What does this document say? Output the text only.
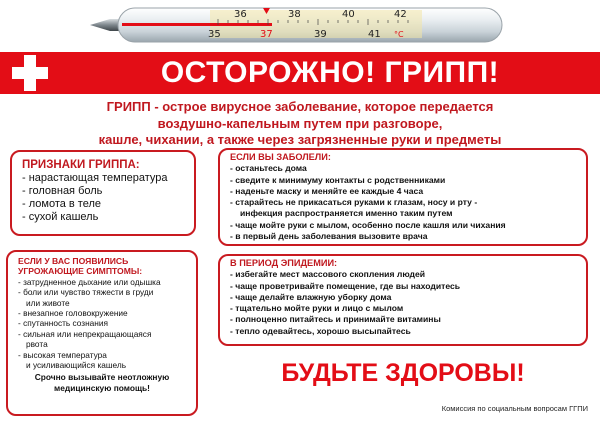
36	38	40	42
35	37	39	41 °C
ОСТОРОЖНО! ГРИПП!
ГРИПП - острое вирусное заболевание, которое передается
воздушно-капельным путем при разговоре,
кашле, чихании, а также через загрязненные руки и предметы
ПРИЗНАКИ ГРИППА:
- нарастающая температура
- головная боль
- ломота в теле
- сухой кашель
ЕСЛИ ВЫ ЗАБОЛЕЛИ:
- останьтесь дома
- сведите к минимуму контакты с родственниками
- наденьте маску и меняйте ее каждые 4 часа
- старайтесь не прикасаться руками к глазам, носу и рту -
инфекция распространяется именно таким путем
- чаще мойте руки с мылом, особенно после кашля или чихания
- в первый день заболевания вызовите врача
ЕСЛИ У ВАС ПОЯВИЛИСЬ
УГРОЖАЮЩИЕ СИМПТОМЫ:
- затрудненное дыхание или одышка
- боли или чувство тяжести в груди
или животе
- внезапное головокружение
- спутанность сознания
- сильная или непрекращающаяся
рвота
- высокая температура
и усиливающийся кашель
Срочно вызывайте неотложную
медицинскую помощь!
В ПЕРИОД ЭПИДЕМИИ:
- избегайте мест массового скопления людей
- чаще проветривайте помещение, где вы находитесь
- чаще делайте влажную уборку дома
- тщательно мойте руки и лицо с мылом
- полноценно питайтесь и принимайте витамины
- тепло одевайтесь, хорошо высыпайтесь
БУДЬТЕ ЗДОРОВЫ!
Комиссия по социальным вопросам ГГПИ
